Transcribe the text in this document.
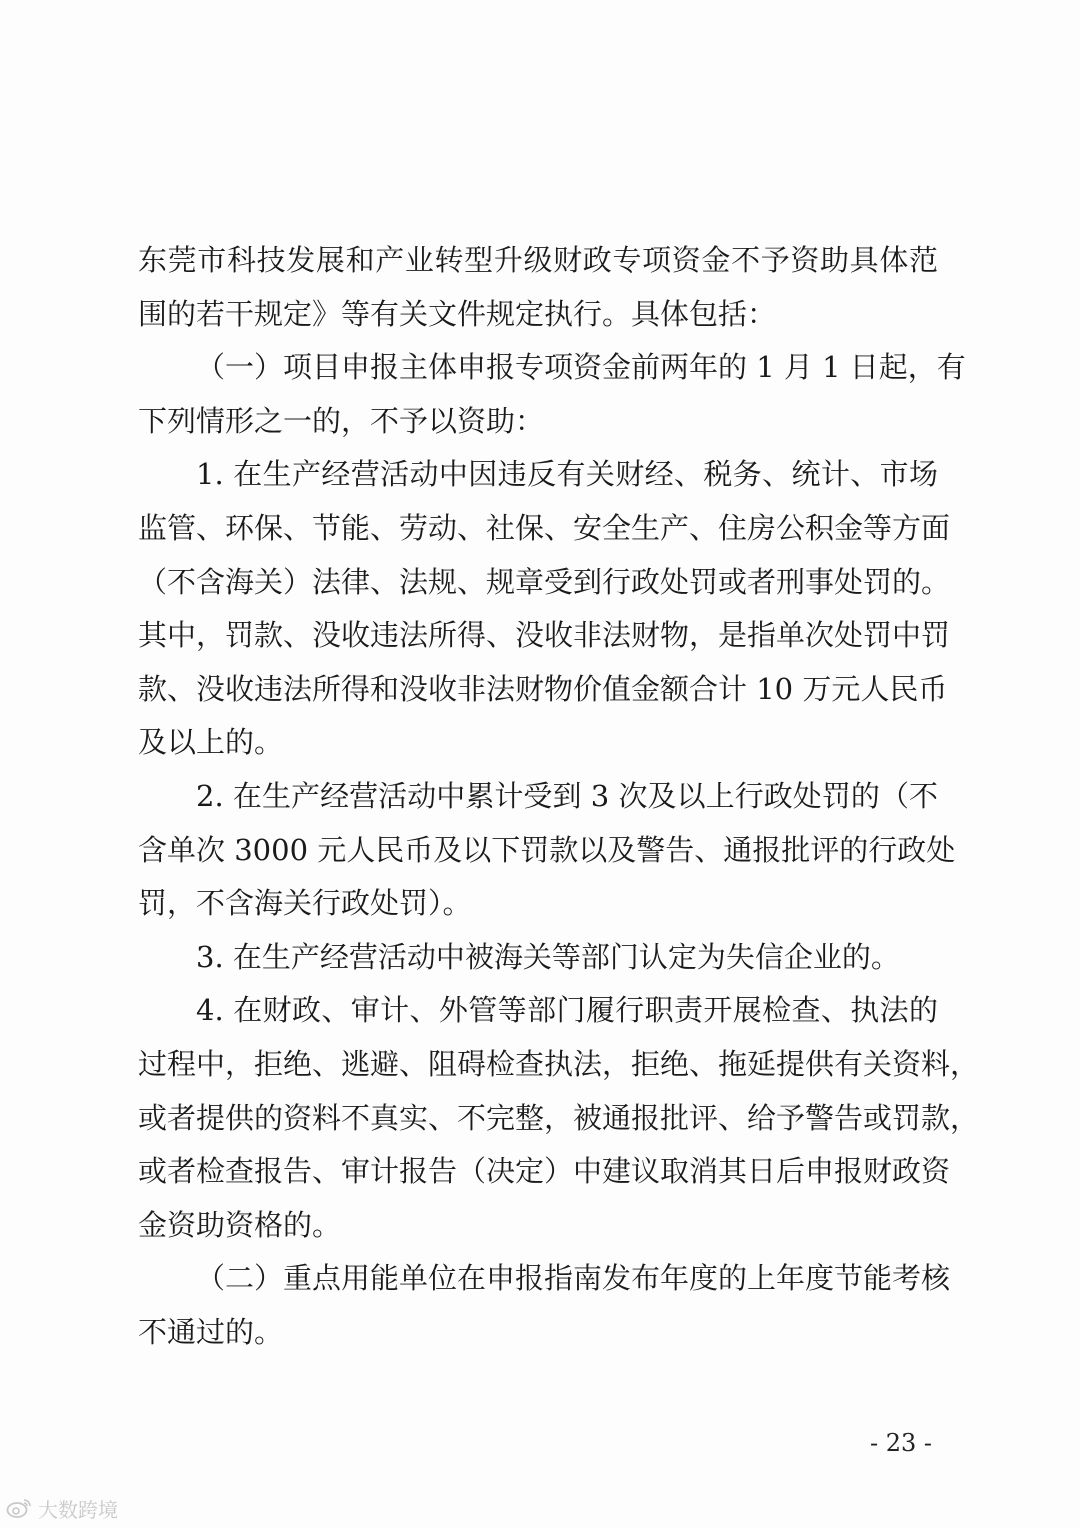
东莞市科技发展和产业转型升级财政专项资金不予资助具体范
围的若干规定》等有关文件规定执行。具体包括：
（一）项目申报主体申报专项资金前两年的 1 月 1 日起，有
下列情形之一的，不予以资助：
1. 在生产经营活动中因违反有关财经、税务、统计、市场
监管、环保、节能、劳动、社保、安全生产、住房公积金等方面
（不含海关）法律、法规、规章受到行政处罚或者刑事处罚的。
其中，罚款、没收违法所得、没收非法财物，是指单次处罚中罚
款、没收违法所得和没收非法财物价值金额合计 10 万元人民币
及以上的。
2. 在生产经营活动中累计受到 3 次及以上行政处罚的（不
含单次 3000 元人民币及以下罚款以及警告、通报批评的行政处
罚，不含海关行政处罚）。
3. 在生产经营活动中被海关等部门认定为失信企业的。
4. 在财政、审计、外管等部门履行职责开展检查、执法的
过程中，拒绝、逃避、阻碍检查执法，拒绝、拖延提供有关资料，
或者提供的资料不真实、不完整，被通报批评、给予警告或罚款，
或者检查报告、审计报告（决定）中建议取消其日后申报财政资
金资助资格的。
（二）重点用能单位在申报指南发布年度的上年度节能考核
不通过的。
- 23 -
大数跨境
